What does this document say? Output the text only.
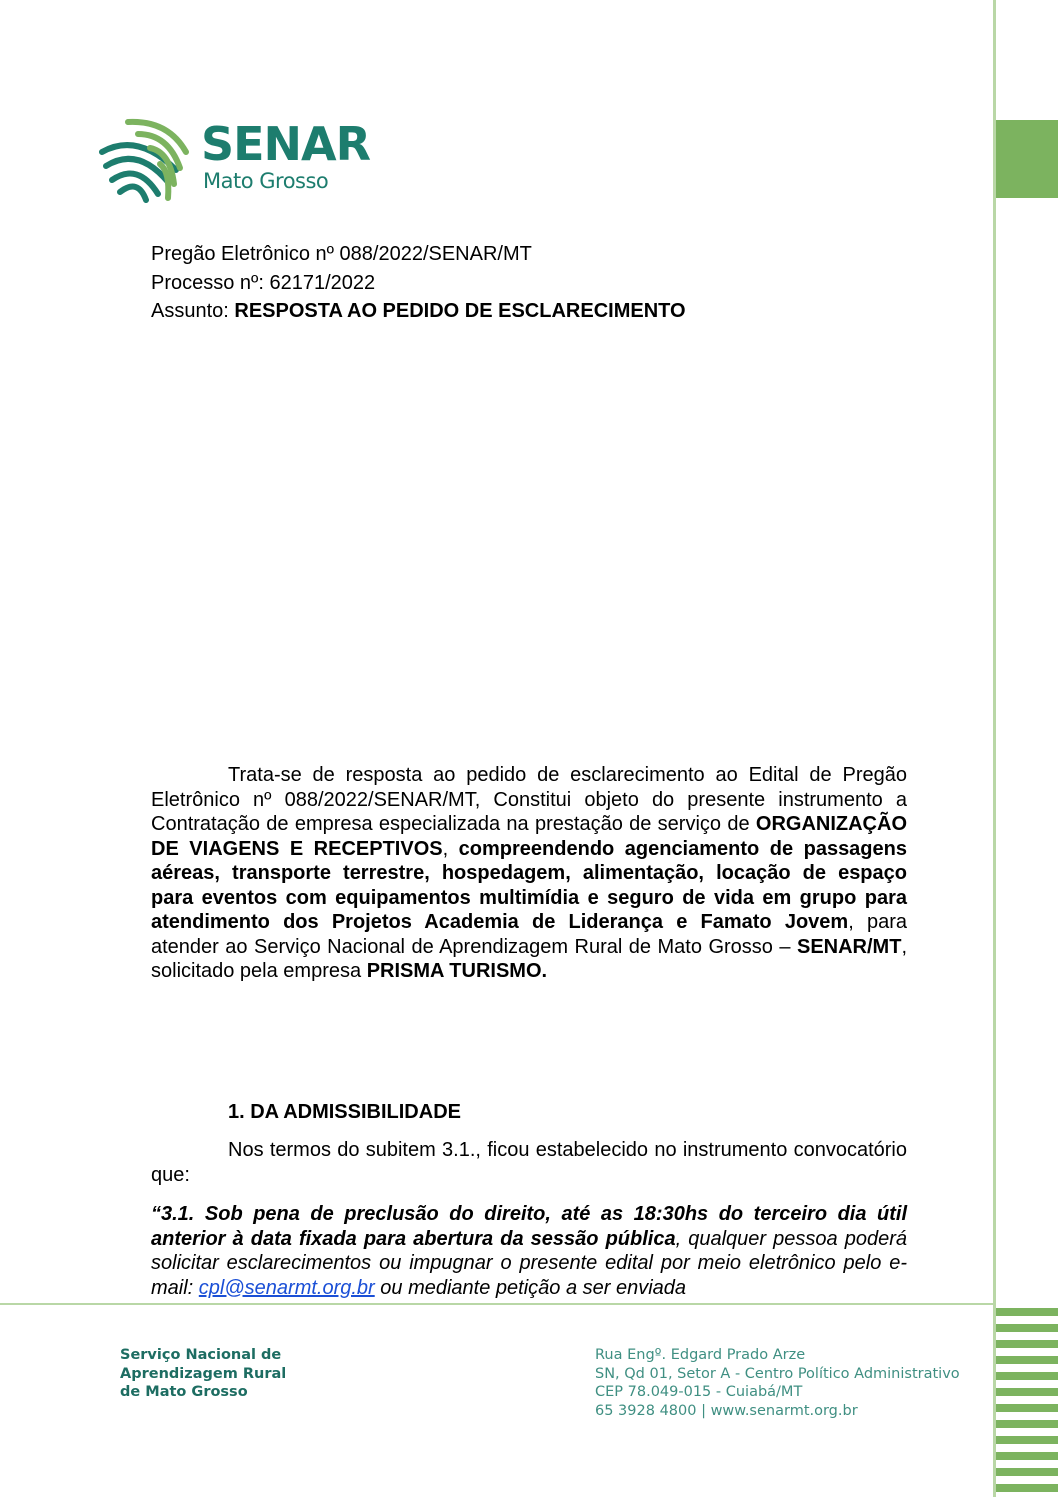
SENAR
Mato Grosso
Pregão Eletrônico nº 088/2022/SENAR/MT
Processo nº: 62171/2022
Assunto: RESPOSTA AO PEDIDO DE ESCLARECIMENTO
Trata-se de resposta ao pedido de esclarecimento ao Edital de Pregão Eletrônico nº 088/2022/SENAR/MT, Constitui objeto do presente instrumento a Contratação de empresa especializada na prestação de serviço de ORGANIZAÇÃO DE VIAGENS E RECEPTIVOS, compreendendo agenciamento de passagens aéreas, transporte terrestre, hospedagem, alimentação, locação de espaço para eventos com equipamentos multimídia e seguro de vida em grupo para atendimento dos Projetos Academia de Liderança e Famato Jovem, para atender ao Serviço Nacional de Aprendizagem Rural de Mato Grosso – SENAR/MT, solicitado pela empresa PRISMA TURISMO.
1. DA ADMISSIBILIDADE
Nos termos do subitem 3.1., ficou estabelecido no instrumento convocatório que:
“3.1. Sob pena de preclusão do direito, até as 18:30hs do terceiro dia útil anterior à data fixada para abertura da sessão pública, qualquer pessoa poderá solicitar esclarecimentos ou impugnar o presente edital por meio eletrônico pelo e-mail: cpl@senarmt.org.br ou mediante petição a ser enviada
Serviço Nacional de
Aprendizagem Rural
de Mato Grosso
Rua Engº. Edgard Prado Arze
SN, Qd 01, Setor A - Centro Político Administrativo
CEP 78.049-015 - Cuiabá/MT
65 3928 4800 | www.senarmt.org.br
